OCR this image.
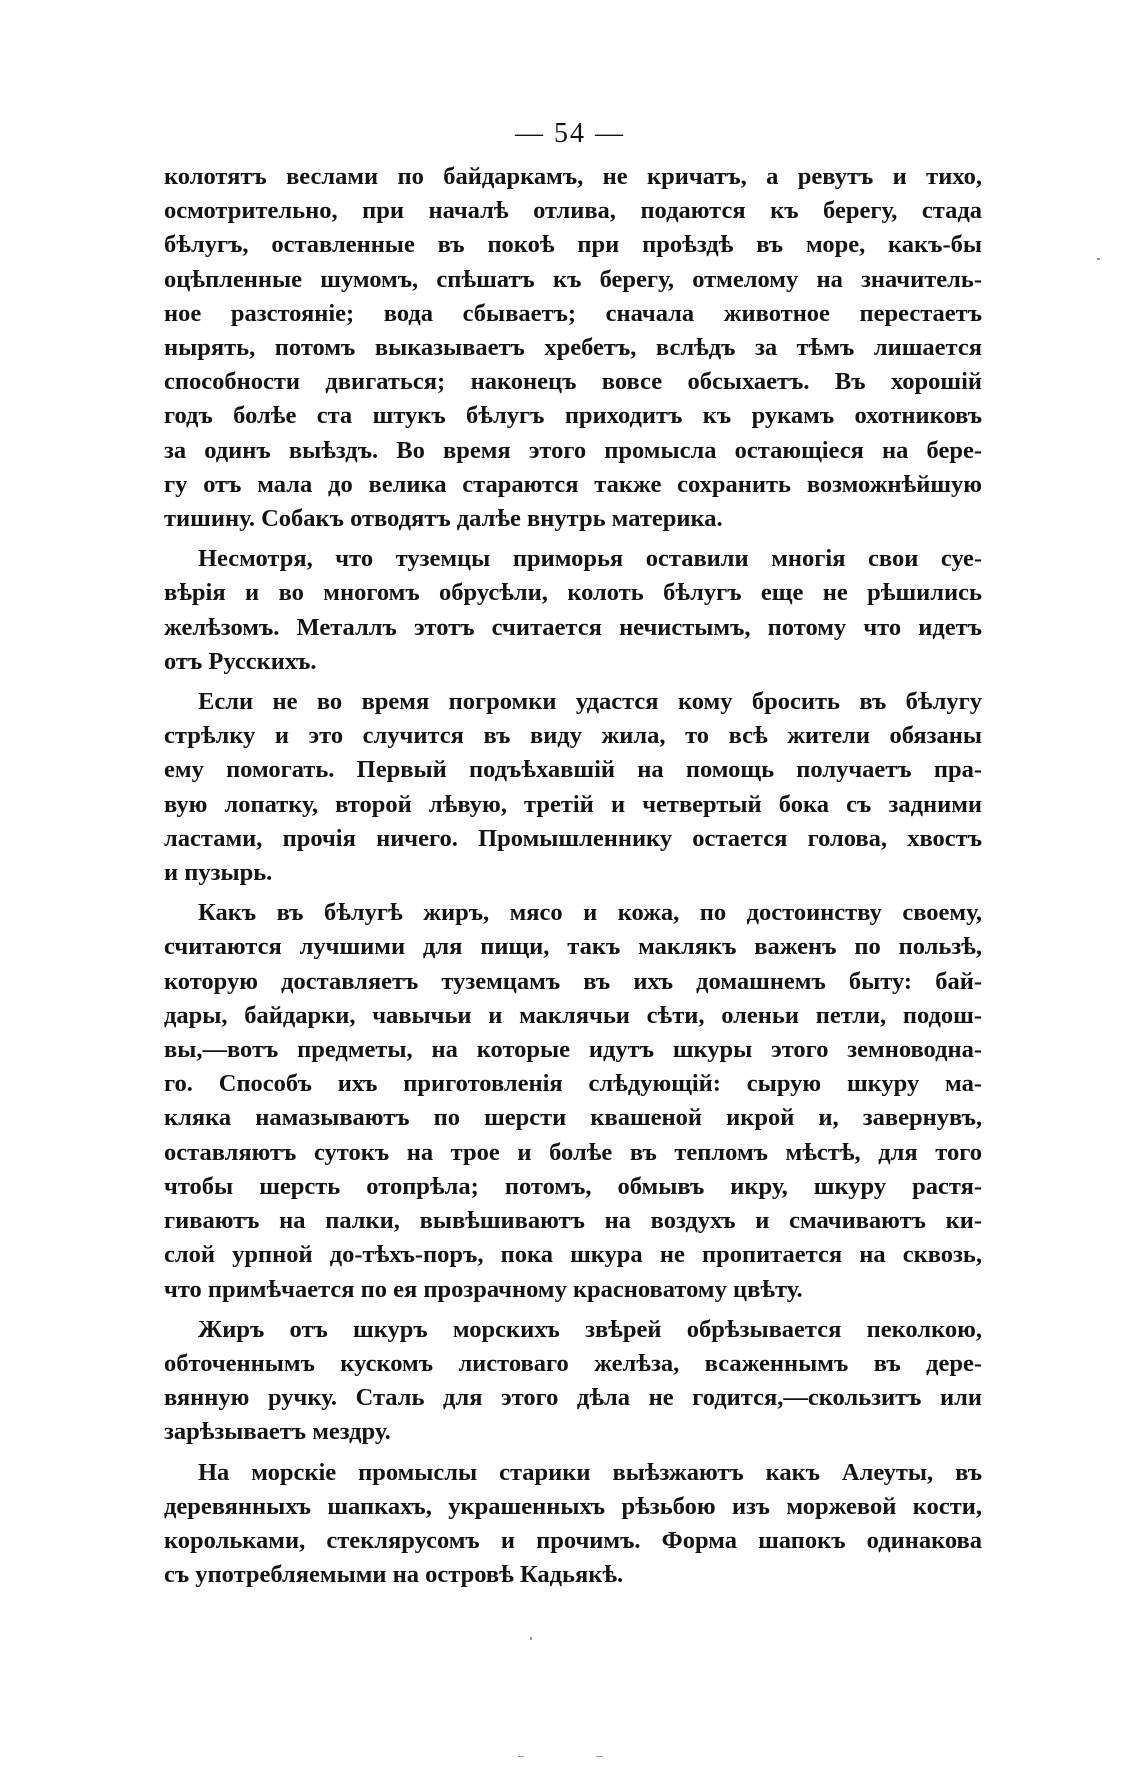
— 54 —
колотятъ веслами по байдаркамъ, не кричатъ, а ревутъ и тихо,
осмотрительно, при началѣ отлива, подаются къ берегу, стада
бѣлугъ, оставленные въ покоѣ при проѣздѣ въ море, какъ-бы
оцѣпленные шумомъ, спѣшатъ къ берегу, отмелому на значитель-
ное разстояніе; вода сбываетъ; сначала животное перестаетъ
нырять, потомъ выказываетъ хребетъ, вслѣдъ за тѣмъ лишается
способности двигаться; наконецъ вовсе обсыхаетъ. Въ хорошій
годъ болѣе ста штукъ бѣлугъ приходитъ къ рукамъ охотниковъ
за одинъ выѣздъ. Во время этого промысла остающіеся на бере-
гу отъ мала до велика стараются также сохранить возможнѣйшую
тишину. Собакъ отводятъ далѣе внутрь материка.
Несмотря, что туземцы приморья оставили многія свои суе-
вѣрія и во многомъ обрусѣли, колоть бѣлугъ еще не рѣшились
желѣзомъ. Металлъ этотъ считается нечистымъ, потому что идетъ
отъ Русскихъ.
Если не во время погромки удастся кому бросить въ бѣлугу
стрѣлку и это случится въ виду жила, то всѣ жители обязаны
ему помогать. Первый подъѣхавшій на помощь получаетъ пра-
вую лопатку, второй лѣвую, третій и четвертый бока съ задними
ластами, прочія ничего. Промышленнику остается голова, хвостъ
и пузырь.
Какъ въ бѣлугѣ жиръ, мясо и кожа, по достоинству своему,
считаются лучшими для пищи, такъ маклякъ важенъ по пользѣ,
которую доставляетъ туземцамъ въ ихъ домашнемъ быту: бай-
дары, байдарки, чавычьи и маклячьи сѣти, оленьи петли, подош-
вы,—вотъ предметы, на которые идутъ шкуры этого земноводна-
го. Способъ ихъ приготовленія слѣдующій: сырую шкуру ма-
кляка намазываютъ по шерсти квашеной икрой и, завернувъ,
оставляютъ сутокъ на трое и болѣе въ тепломъ мѣстѣ, для того
чтобы шерсть отопрѣла; потомъ, обмывъ икру, шкуру растя-
гиваютъ на палки, вывѣшиваютъ на воздухъ и смачиваютъ ки-
слой урпной до-тѣхъ-поръ, пока шкура не пропитается на сквозь,
что примѣчается по ея прозрачному красноватому цвѣту.
Жиръ отъ шкуръ морскихъ звѣрей обрѣзывается пеколкою,
обточеннымъ кускомъ листоваго желѣза, всаженнымъ въ дере-
вянную ручку. Сталь для этого дѣла не годится,—скользитъ или
зарѣзываетъ мездру.
На морскіе промыслы старики выѣзжаютъ какъ Алеуты, въ
деревянныхъ шапкахъ, украшенныхъ рѣзьбою изъ моржевой кости,
корольками, стеклярусомъ и прочимъ. Форма шапокъ одинакова
съ употребляемыми на островѣ Кадьякѣ.
